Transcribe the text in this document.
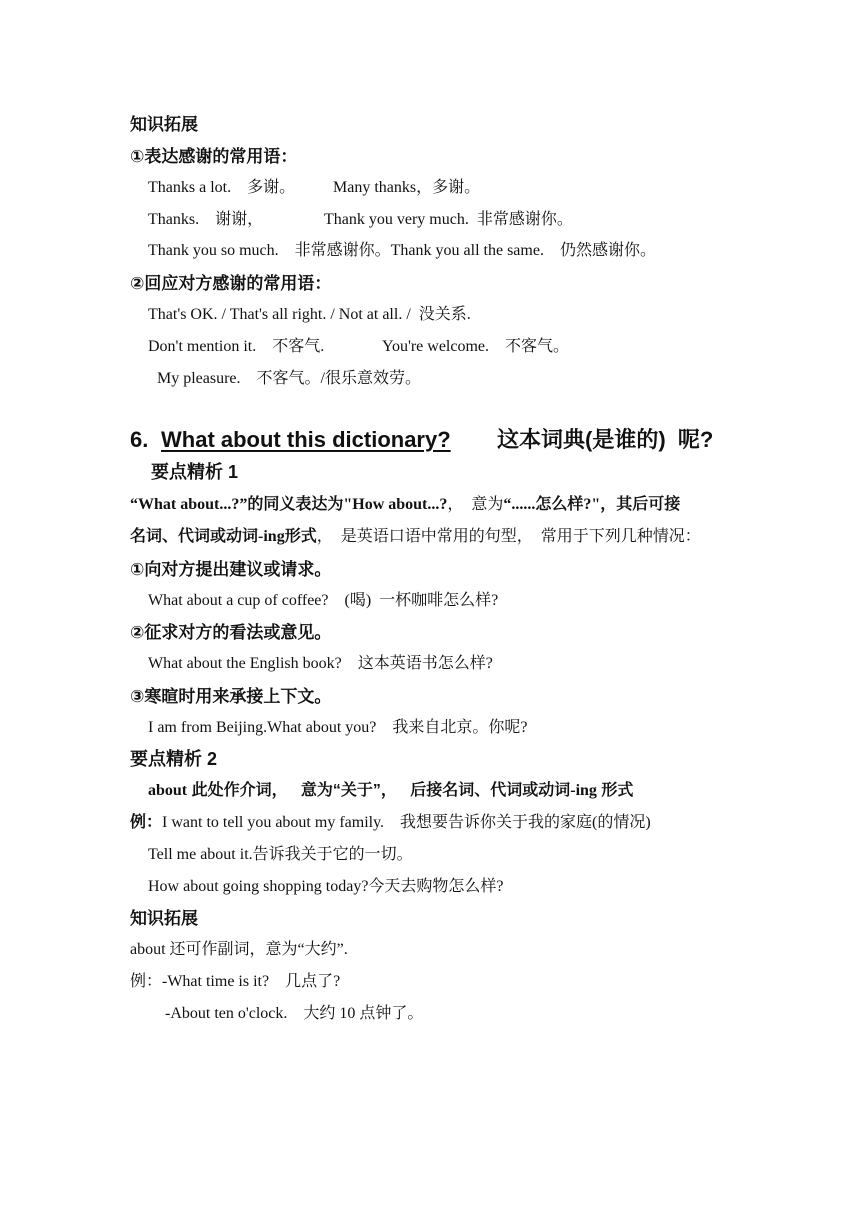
知识拓展
①表达感谢的常用语：
Thanks a lot.    多谢。 Many thanks，多谢。
Thanks.    谢谢，	Thank you very much.  非常感谢你。
Thank you so much.    非常感谢你。Thank you all the same.    仍然感谢你。
②回应对方感谢的常用语：
That's OK. / That's all right. / Not at all. /  没关系.
Don't mention it.    不客气.	You're welcome.    不客气。
My pleasure.    不客气。/很乐意效劳。
6. What about this dictionary? 这本词典(是谁的)  呢?
要点精析 1
“What about...?”的同义表达为"How about...?，  意为“......怎么样?"，其后可接
名词、代词或动词-ing形式，  是英语口语中常用的句型，  常用于下列几种情况：
①向对方提出建议或请求。
What about a cup of coffee?    (喝)  一杯咖啡怎么样?
②征求对方的看法或意见。
What about the English book?    这本英语书怎么样?
③寒暄时用来承接上下文。
I am from Beijing.What about you?    我来自北京。你呢?
要点精析 2
about 此处作介词，   意为“关于”，   后接名词、代词或动词-ing 形式
例：I want to tell you about my family.    我想要告诉你关于我的家庭(的情况)
Tell me about it.告诉我关于它的一切。
How about going shopping today?今天去购物怎么样?
知识拓展
about 还可作副词，意为“大约”.
例：-What time is it?    几点了?
-About ten o'clock.    大约 10 点钟了。
